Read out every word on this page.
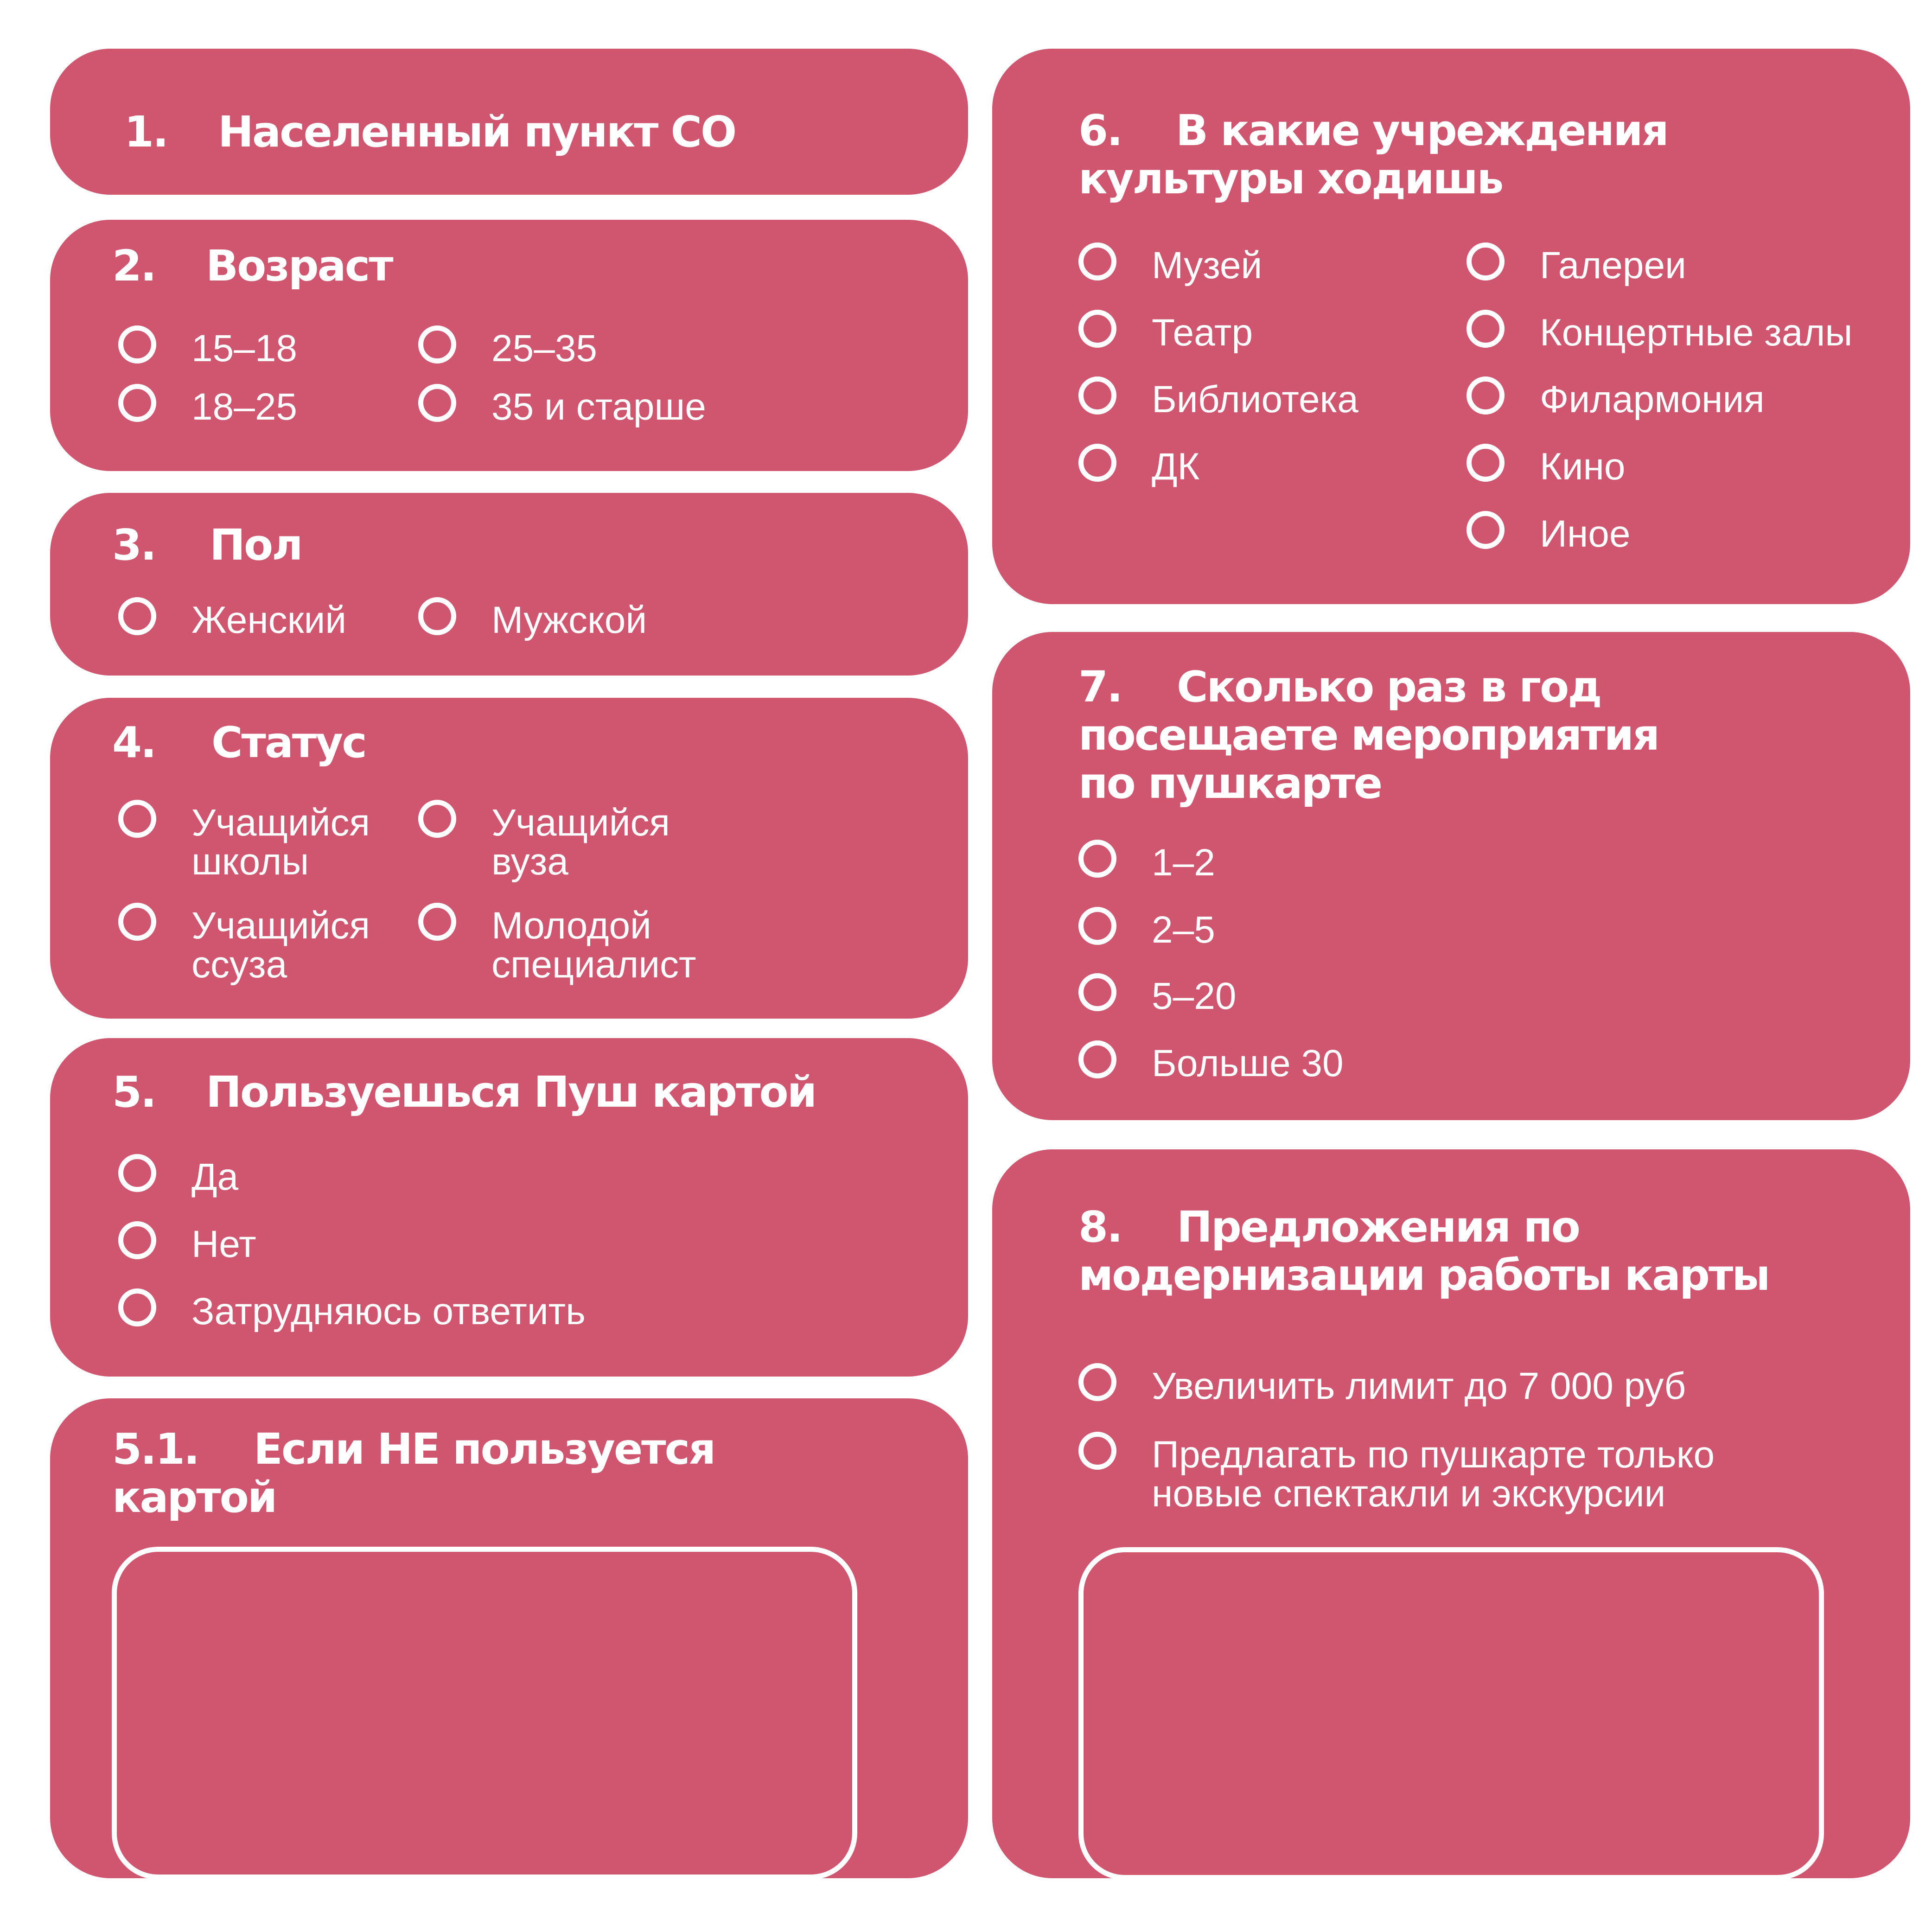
1. Населенный пункт СО
2. Возраст
15–18
18–25
25–35
35 и старше
3. Пол
Женский	Мужской
4. Статус
Учащийся
школы
Учащийся
ссуза
Учащийся
вуза
Молодой
специалист
5. Пользуешься Пуш картой
Да
Нет
Затрудняюсь ответить
5.1. Если НЕ пользуется
картой
6. В какие учреждения
культуры ходишь
Музей
Театр
Библиотека
ДК
Галереи
Концертные залы
Филармония
Кино
Иное
7. Сколько раз в год
посещаете мероприятия
по пушкарте
1–2
2–5
5–20
Больше 30
8. Предложения по
модернизации работы карты
Увеличить лимит до 7 000 руб
Предлагать по пушкарте только
новые спектакли и экскурсии
